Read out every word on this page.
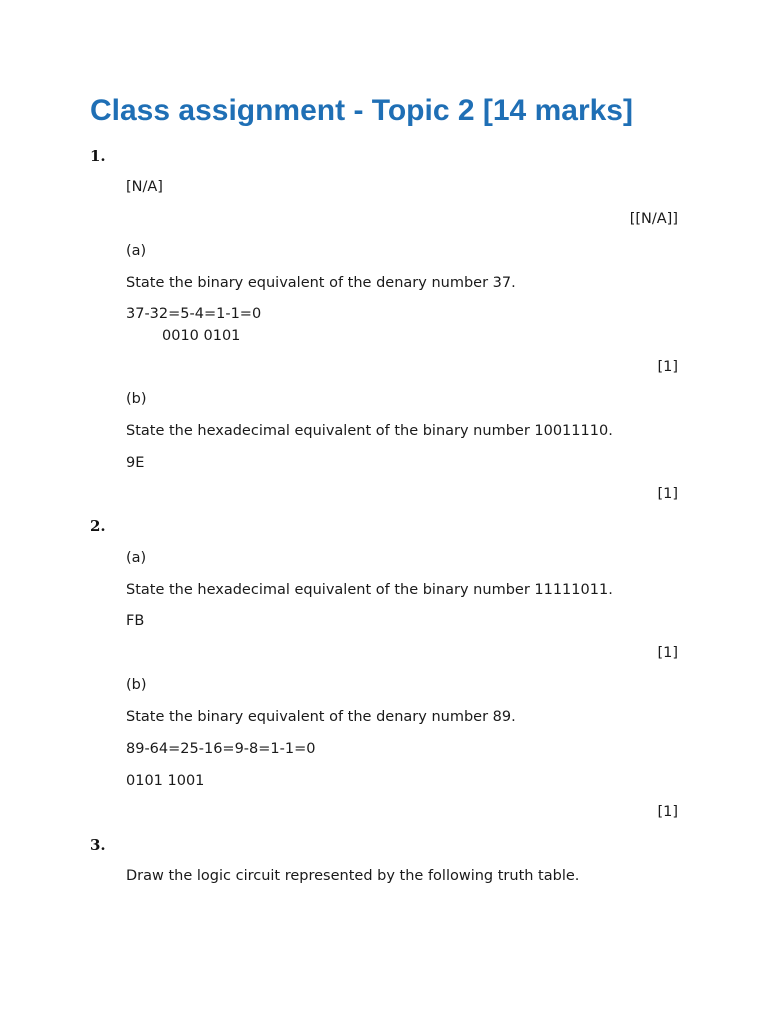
Class assignment - Topic 2 [14 marks]
1.
[N/A]
[[N/A]]
(a)
State the binary equivalent of the denary number 37.
37-32=5-4=1-1=0
0010 0101
[1]
(b)
State the hexadecimal equivalent of the binary number 10011110.
9E
[1]
2.
(a)
State the hexadecimal equivalent of the binary number 11111011.
FB
[1]
(b)
State the binary equivalent of the denary number 89.
89-64=25-16=9-8=1-1=0
0101 1001
[1]
3.
Draw the logic circuit represented by the following truth table.
